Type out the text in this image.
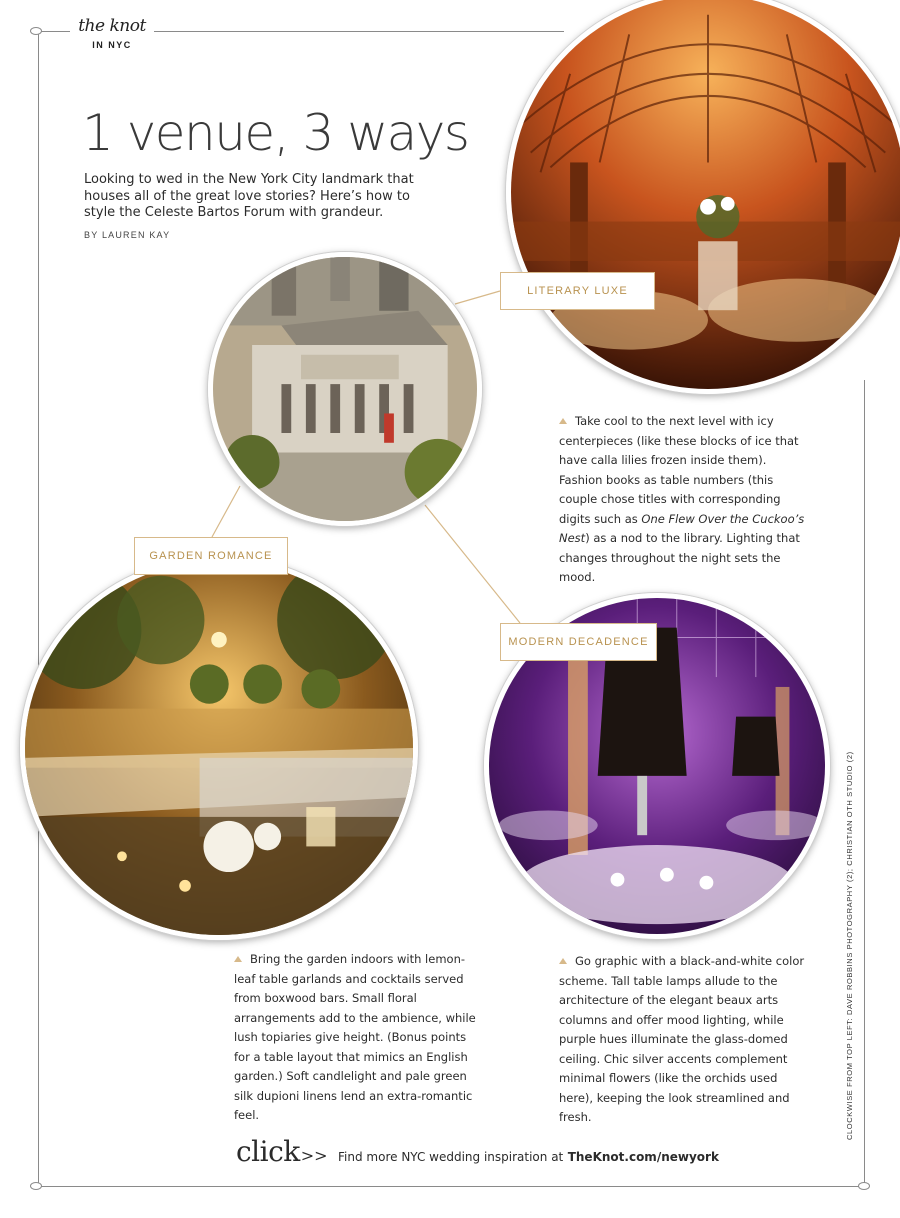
the knot
IN NYC
1 venue, 3 ways

Looking to wed in the New York City landmark that houses all of the great love stories? Here’s how to style the Celeste Bartos Forum with grandeur.

BY LAUREN KAY
LITERARY LUXE
GARDEN ROMANCE
MODERN DECADENCE

Take cool to the next level with icy centerpieces (like these blocks of ice that have calla lilies frozen inside them). Fashion books as table numbers (this couple chose titles with corresponding digits such as One Flew Over the Cuckoo’s Nest) as a nod to the library. Lighting that changes throughout the night sets the mood.

Bring the garden indoors with lemon-leaf table garlands and cocktails served from boxwood bars. Small floral arrangements add to the ambience, while lush topiaries give height. (Bonus points for a table layout that mimics an English garden.) Soft candlelight and pale green silk dupioni linens lend an extra-romantic feel.

Go graphic with a black-and-white color scheme. Tall table lamps allude to the architecture of the elegant beaux arts columns and offer mood lighting, while purple hues illuminate the glass-domed ceiling. Chic silver accents complement minimal flowers (like the orchids used here), keeping the look streamlined and fresh.	CLOCKWISE FROM TOP LEFT: DAVE ROBBINS PHOTOGRAPHY (2); CHRISTIAN OTH STUDIO (2)
click>> Find more NYC wedding inspiration at TheKnot.com/newyork
